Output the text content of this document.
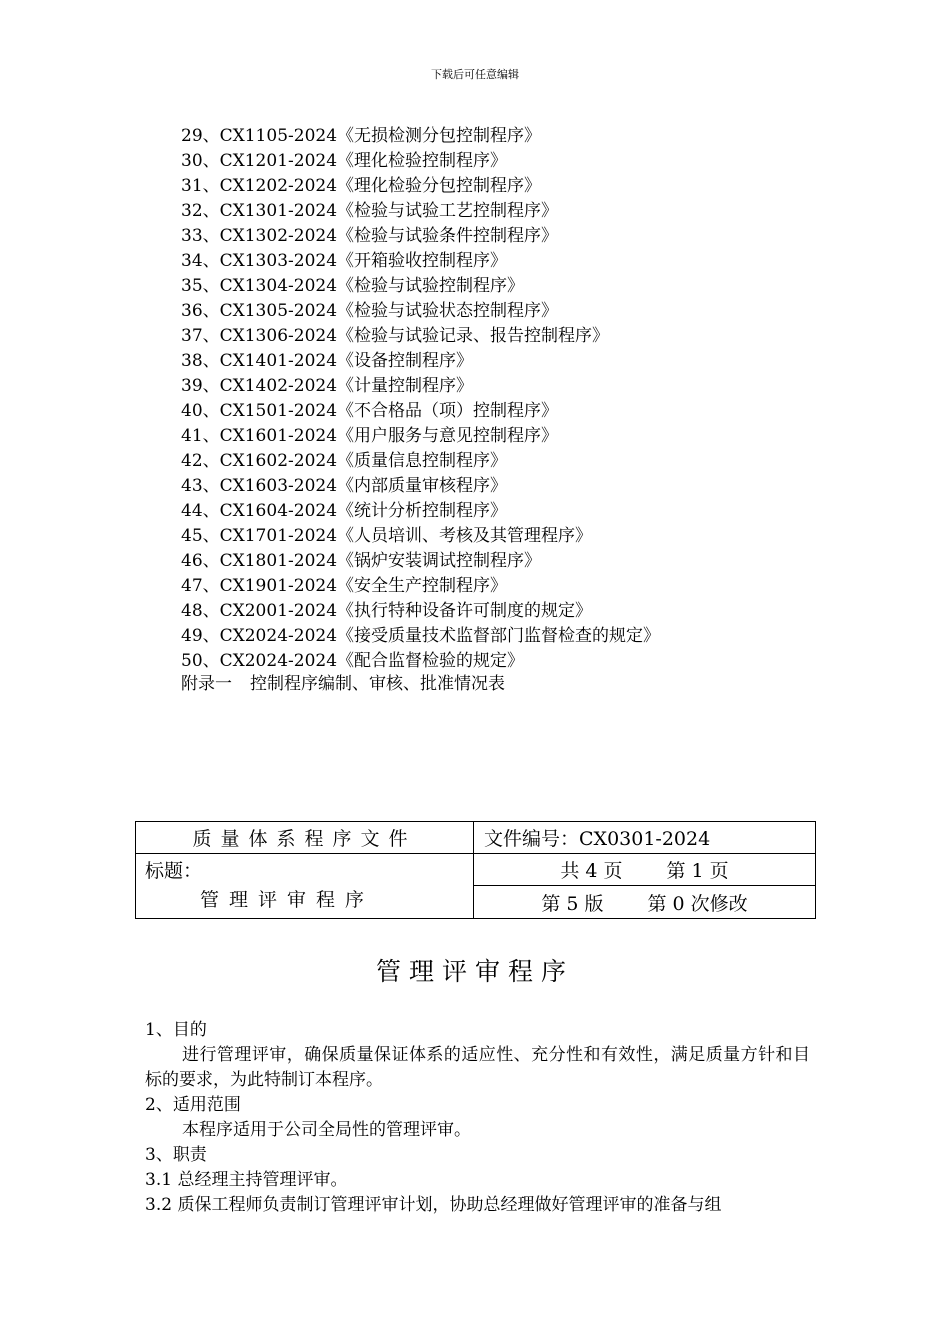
下载后可任意编辑
29、CX1105-2024《无损检测分包控制程序》
30、CX1201-2024《理化检验控制程序》
31、CX1202-2024《理化检验分包控制程序》
32、CX1301-2024《检验与试验工艺控制程序》
33、CX1302-2024《检验与试验条件控制程序》
34、CX1303-2024《开箱验收控制程序》
35、CX1304-2024《检验与试验控制程序》
36、CX1305-2024《检验与试验状态控制程序》
37、CX1306-2024《检验与试验记录、报告控制程序》
38、CX1401-2024《设备控制程序》
39、CX1402-2024《计量控制程序》
40、CX1501-2024《不合格品（项）控制程序》
41、CX1601-2024《用户服务与意见控制程序》
42、CX1602-2024《质量信息控制程序》
43、CX1603-2024《内部质量审核程序》
44、CX1604-2024《统计分析控制程序》
45、CX1701-2024《人员培训、考核及其管理程序》
46、CX1801-2024《锅炉安装调试控制程序》
47、CX1901-2024《安全生产控制程序》
48、CX2001-2024《执行特种设备许可制度的规定》
49、CX2024-2024《接受质量技术监督部门监督检查的规定》
50、CX2024-2024《配合监督检验的规定》
附录一 控制程序编制、审核、批准情况表
质量体系程序文件	文件编号：CX0301-2024

标题：
管理评审程序	共 4 页 第 1 页
	第 5 版 第 0 次修改
管理评审程序

1、目的

进行管理评审，确保质量保证体系的适应性、充分性和有效性，满足质量方针和目标的要求，为此特制订本程序。

2、适用范围

本程序适用于公司全局性的管理评审。

3、职责

3.1 总经理主持管理评审。

3.2 质保工程师负责制订管理评审计划，协助总经理做好管理评审的准备与组
